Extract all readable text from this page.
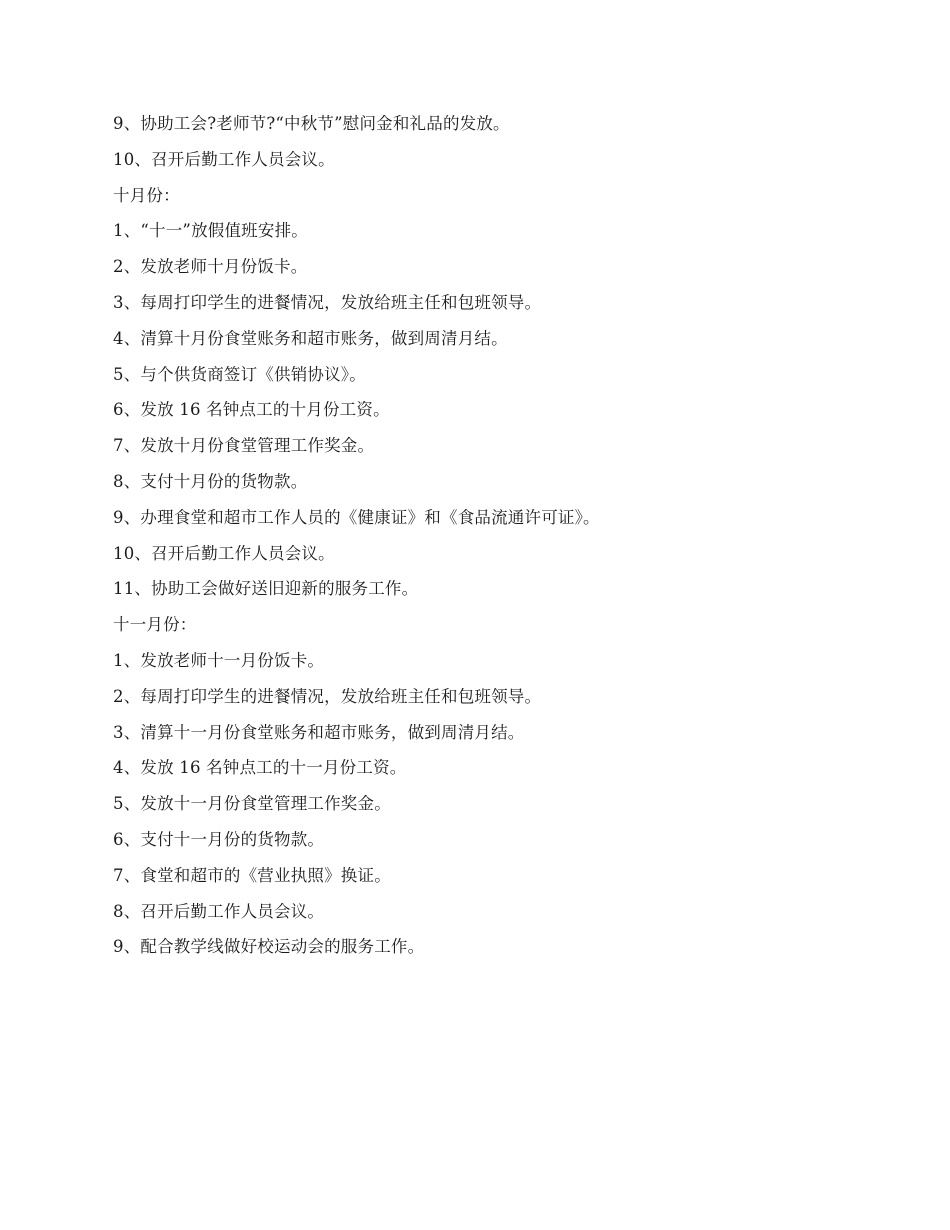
9、协助工会?老师节?“中秋节”慰问金和礼品的发放。
10、召开后勤工作人员会议。
十月份：
1、“十一”放假值班安排。
2、发放老师十月份饭卡。
3、每周打印学生的进餐情况，发放给班主任和包班领导。
4、清算十月份食堂账务和超市账务，做到周清月结。
5、与个供货商签订《供销协议》。
6、发放 16 名钟点工的十月份工资。
7、发放十月份食堂管理工作奖金。
8、支付十月份的货物款。
9、办理食堂和超市工作人员的《健康证》和《食品流通许可证》。
10、召开后勤工作人员会议。
11、协助工会做好送旧迎新的服务工作。
十一月份：
1、发放老师十一月份饭卡。
2、每周打印学生的进餐情况，发放给班主任和包班领导。
3、清算十一月份食堂账务和超市账务，做到周清月结。
4、发放 16 名钟点工的十一月份工资。
5、发放十一月份食堂管理工作奖金。
6、支付十一月份的货物款。
7、食堂和超市的《营业执照》换证。
8、召开后勤工作人员会议。
9、配合教学线做好校运动会的服务工作。
